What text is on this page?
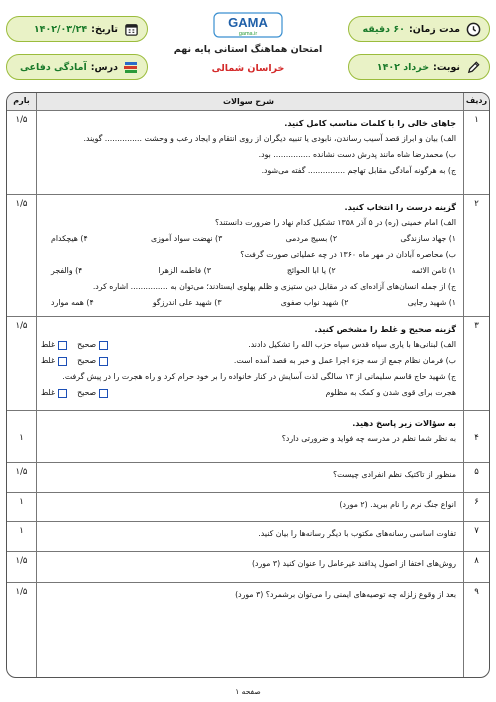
مدت زمان:
۶۰ دقیقه
نوبت:
خرداد ۱۴۰۲
تاریخ:
۱۴۰۲/۰۳/۲۴
درس:
آمادگی دفاعی
GAMA
gama.ir
امتحان هماهنگ استانی پایه نهم
خراسان شمالی
ردیف
شرح سوالات
بارم
۱
جاهای خالی را با کلمات مناسب کامل کنید.
الف) بیان و ابراز قصد آسیب رساندن، نابودی یا تنبیه دیگران از روی انتقام و ایجاد رعب و وحشت ............... گویند.
ب) محمدرضا شاه مانند پدرش دست نشانده ............... بود.
ج) به هرگونه آمادگی مقابل تهاجم ............... گفته می‌شود.
۱/۵
۲
گزینه درست را انتخاب کنید.
الف) امام خمینی (ره) در ۵ آذر ۱۳۵۸ تشکیل کدام نهاد را ضرورت دانستند؟
۱) جهاد سازندگی
۲) بسیج مردمی
۳) نهضت سواد آموزی
۴) هیچکدام
ب) محاصره آبادان در مهر ماه ۱۳۶۰ در چه عملیاتی صورت گرفت؟
۱) ثامن الائمه
۲) یا ابا الحوائج
۳) فاطمه الزهرا
۴) والفجر
ج) از جمله انسان‌های آزاده‌ای که در مقابل دین ستیزی و ظلم پهلوی ایستادند؛ می‌توان به ............... اشاره کرد.
۱) شهید رجایی
۲) شهید نواب صفوی
۳) شهید علی اندرزگو
۴) همه موارد
۱/۵
۳
گزینه صحیح و غلط را مشخص کنید.
الف) لبنانی‌ها با یاری سپاه قدس سپاه حزب الله را تشکیل دادند.
صحیح
غلط
ب) فرمان نظام جمع از سه جزء اجرا عمل و خبر به قصد آمده است.
صحیح
غلط
ج) شهید حاج قاسم سلیمانی از ۱۳ سالگی لذت آسایش در کنار خانواده را بر خود حرام کرد و راه هجرت را در پیش گرفت.
هجرت برای قوی شدن و کمک به مظلوم
صحیح
غلط
۱/۵
۴
به سؤالات زیر پاسخ دهید.
به نظر شما نظم در مدرسه چه فواید و ضرورتی دارد؟
۱
۵
منظور از تاکتیک نظم انفرادی چیست؟
۱/۵
۶
انواع جنگ نرم را نام ببرید. (۲ مورد)
۱
۷
تفاوت اساسی رسانه‌های مکتوب با دیگر رسانه‌ها را بیان کنید.
۱
۸
روش‌های اختفا از اصول پدافند غیرعامل را عنوان کنید (۳ مورد)
۱/۵
۹
بعد از وقوع زلزله چه توصیه‌های ایمنی را می‌توان برشمرد؟ (۳ مورد)
۱/۵
صفحه ۱
